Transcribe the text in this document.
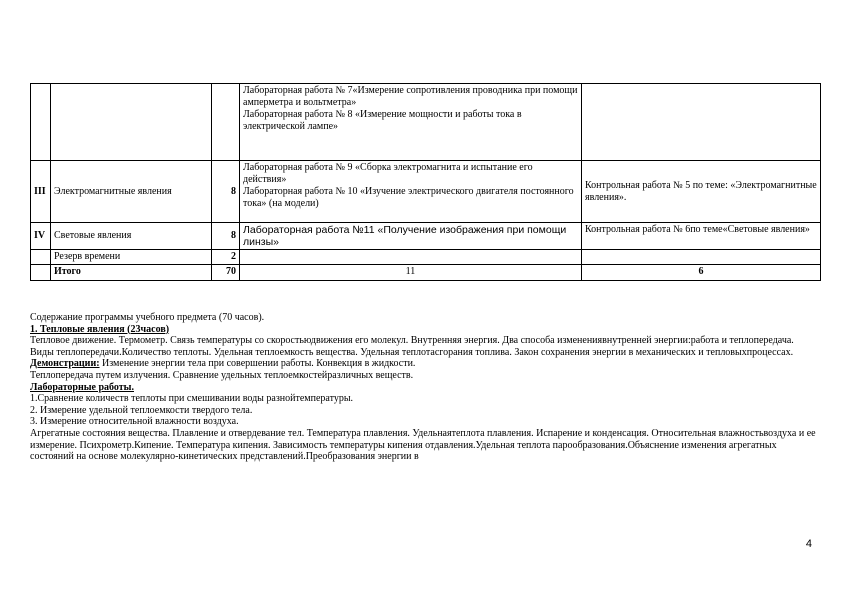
			Лабораторная работа № 7«Измерение сопротивления проводника при помощи амперметра и вольтметра»
Лабораторная работа № 8 «Измерение мощности и работы тока в электрической лампе»	

III	Электромагнитные явления	8	Лабораторная работа № 9 «Сборка электромагнита и испытание его действия»
Лабораторная работа № 10 «Изучение электрического двигателя постоянного тока» (на модели)	Контрольная работа № 5 по теме: «Электромагнитные явления».
IV	Световые явления	8	Лабораторная работа №11 «Получение изображения при помощи линзы»	Контрольная работа № 6по теме«Световые явления»
	Резерв времени	2		
	Итого	70	11	6

Содержание программы учебного предмета (70 часов).

1. Тепловые явления (23часов)

Тепловое движение. Термометр. Связь температуры со скоростьюдвижения его молекул. Внутренняя энергия. Два способа изменениявнутренней энергии:работа и теплопередача. Виды теплопередачи.Количество теплоты. Удельная теплоемкость вещества. Удельная теплотасгорания топлива. Закон сохранения энергии в механических и тепловыхпроцессах.

Демонстрации: Изменение энергии тела при совершении работы. Конвекция в жидкости.

Теплопередача путем излучения. Сравнение удельных теплоемкостейразличных веществ.

Лабораторные работы.

1.Сравнение количеств теплоты при смешивании воды разнойтемпературы.

2. Измерение удельной теплоемкости твердого тела.

3. Измерение относительной влажности воздуха.

Агрегатные состояния вещества. Плавление и отвердевание тел. Температура плавления. Удельнаятеплота плавления. Испарение и конденсация. Относительная влажностьвоздуха и ее измерение. Психрометр.Кипение. Температура кипения. Зависимость температуры кипения отдавления.Удельная теплота парообразования.Объяснение изменения агрегатных состояний на основе молекулярно-кинетических представлений.Преобразования энергии в

4
